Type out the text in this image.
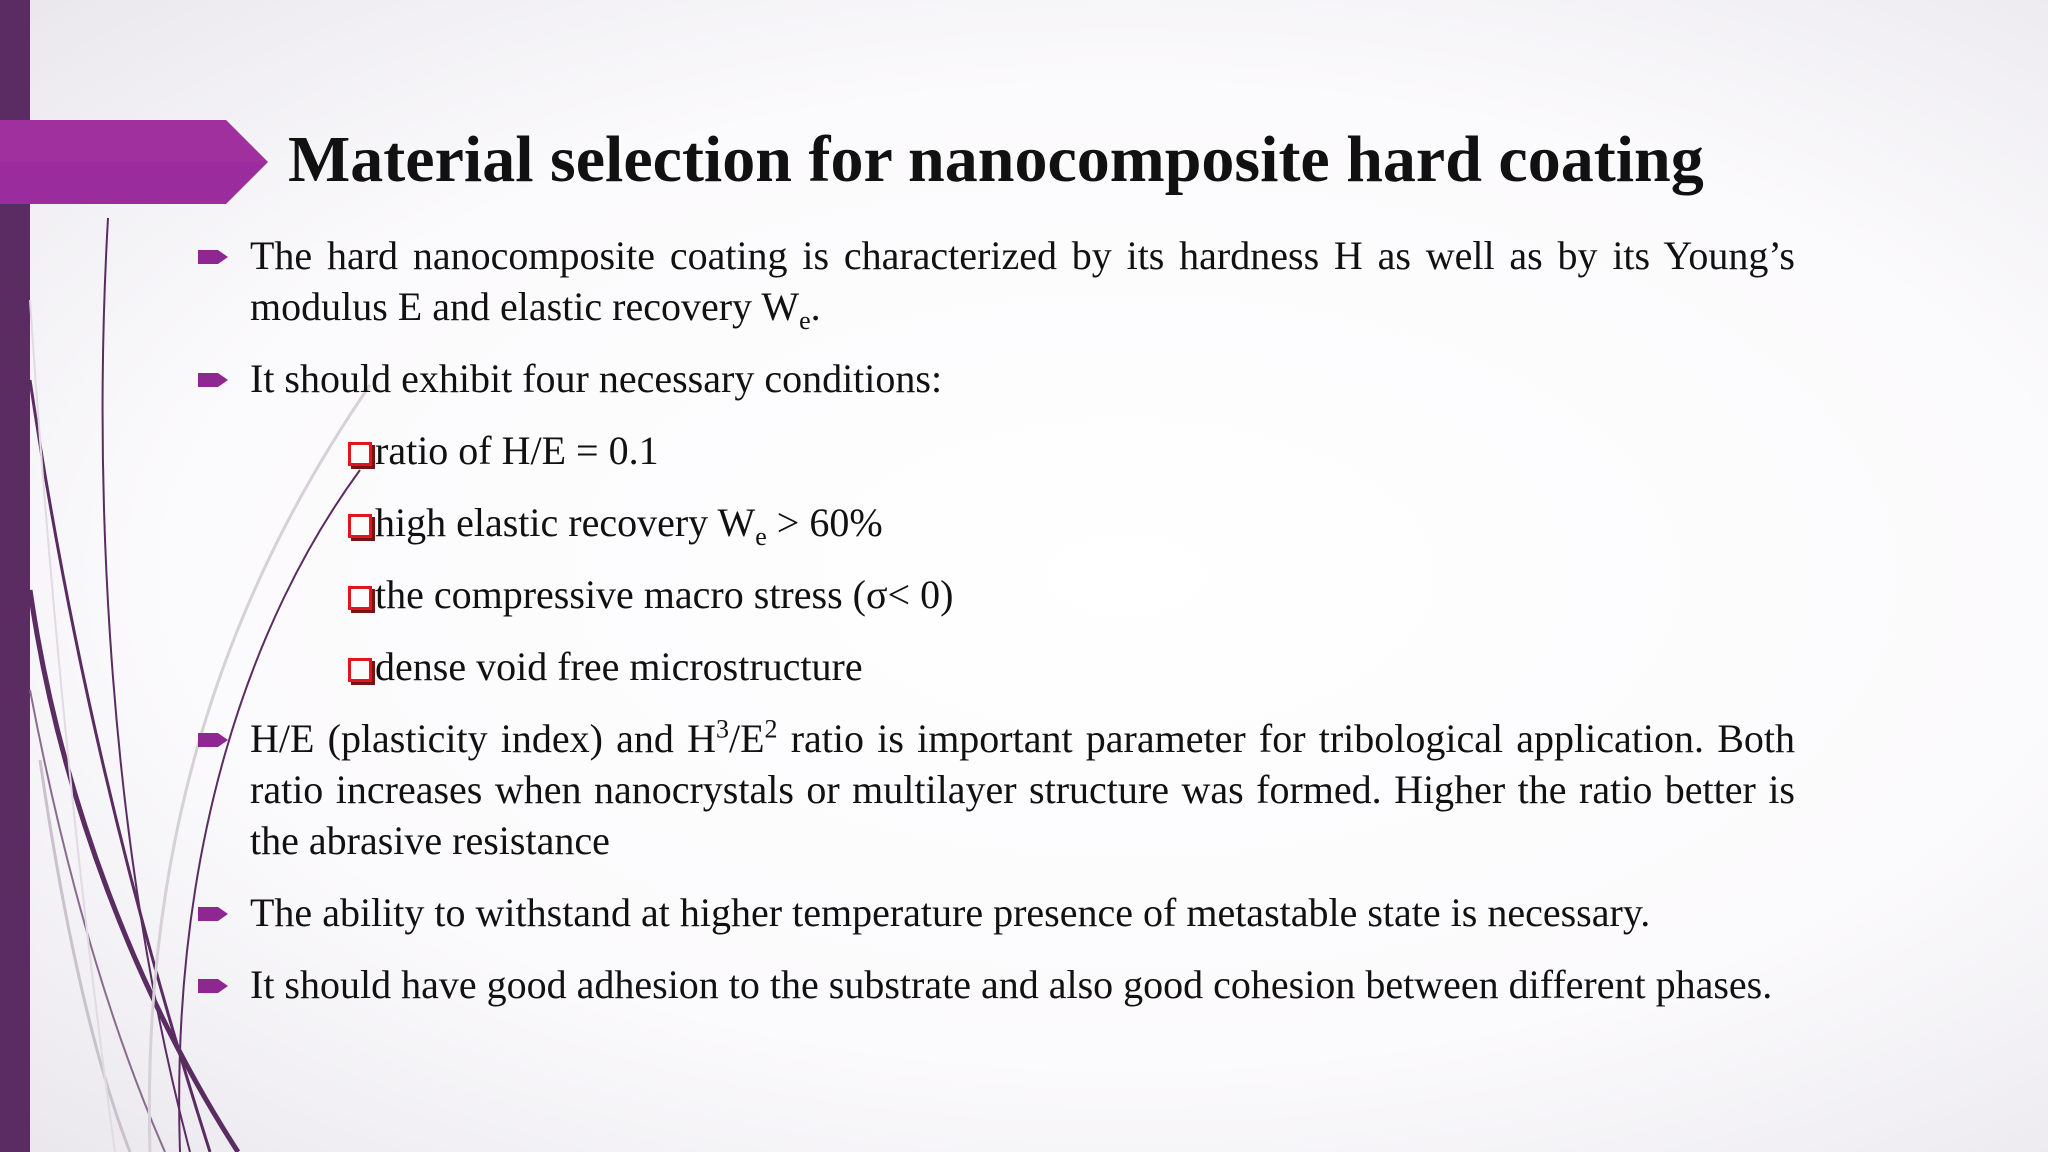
Material selection for nanocomposite hard coating
The hard nanocomposite coating is characterized by its hardness H as well as by its Young’s modulus E and elastic recovery $W_e$.
It should exhibit four necessary conditions:
ratio of H/E = 0.1
high elastic recovery $W_e > 60\%$
the compressive macro stress (σ< 0)
dense void free microstructure
H/E (plasticity index) and $H^3/E^2$ ratio is important parameter for tribological application. Both ratio increases when nanocrystals or multilayer structure was formed. Higher the ratio better is the abrasive resistance
The ability to withstand at higher temperature presence of metastable state is necessary.
It should have good adhesion to the substrate and also good cohesion between different phases.
